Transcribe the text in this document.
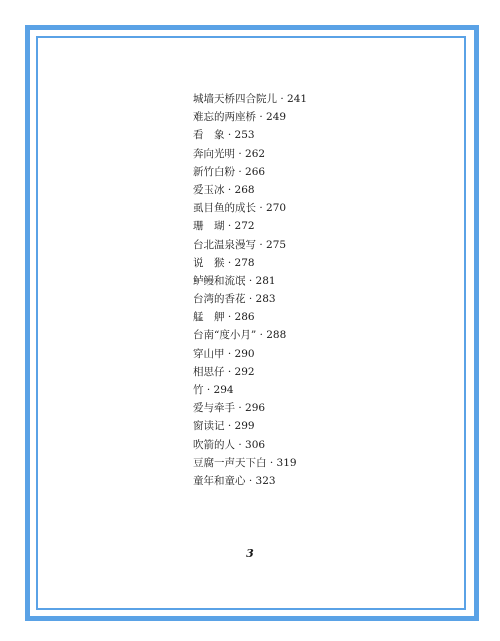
城墙天桥四合院儿 · 241
难忘的两座桥 · 249
看　象 · 253
奔向光明 · 262
新竹白粉 · 266
爱玉冰 · 268
虱目鱼的成长 · 270
珊　瑚 · 272
台北温泉漫写 · 275
说　猴 · 278
鲈鳗和流氓 · 281
台湾的香花 · 283
艋　舺 · 286
台南“度小月” · 288
穿山甲 · 290
相思仔 · 292
竹 · 294
爱与牵手 · 296
窗读记 · 299
吹箭的人 · 306
豆腐一声天下白 · 319
童年和童心 · 323
3
